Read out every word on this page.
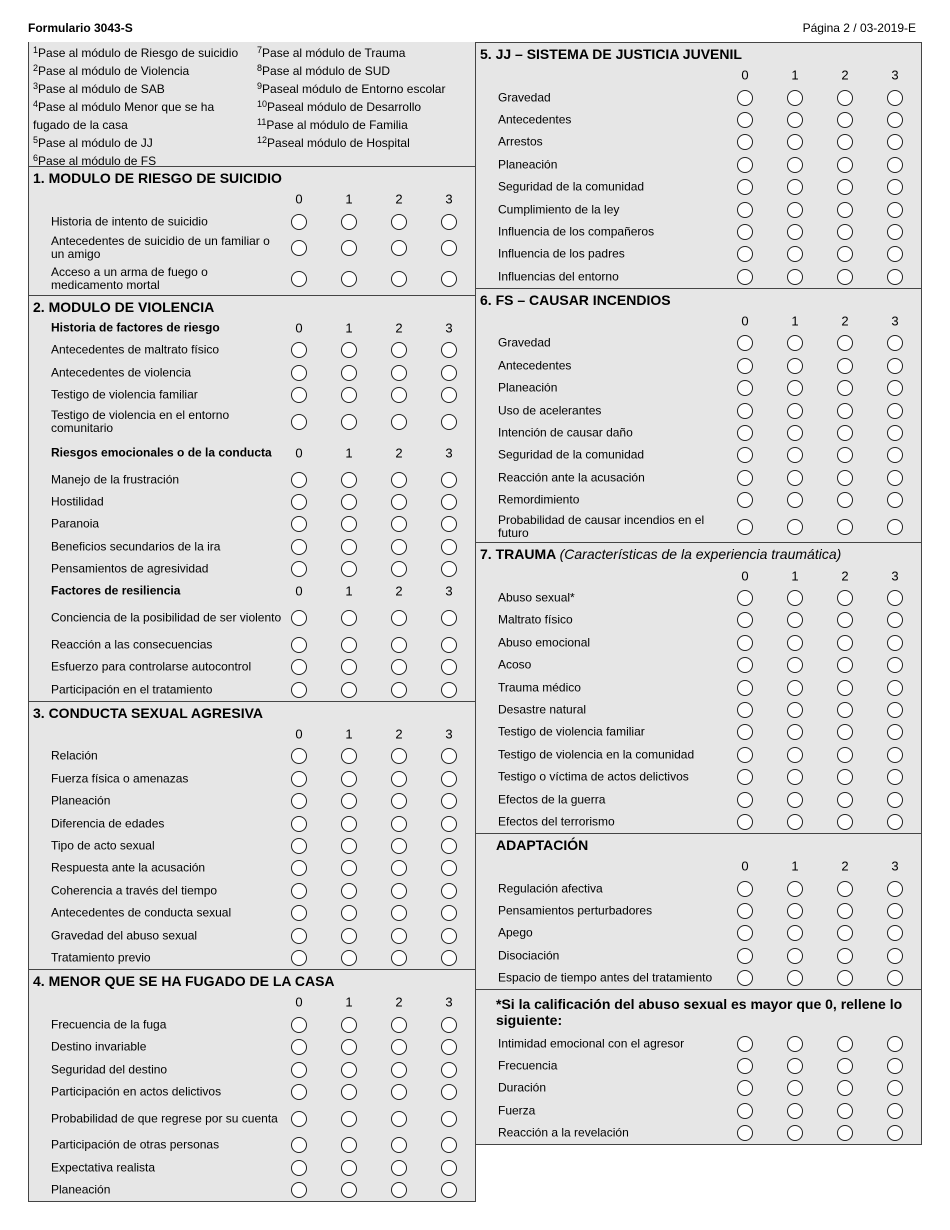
Formulario 3043-S	Página 2 / 03-2019-E
$^1$Pase al módulo de Riesgo de suicidio
$^2$Pase al módulo de Violencia
$^3$Pase al módulo de SAB
$^4$Pase al módulo Menor que se ha
fugado de la casa
$^5$Pase al módulo de JJ
$^6$Pase al módulo de FS
$^7$Pase al módulo de Trauma
$^8$Pase al módulo de SUD
$^9$Paseal módulo de Entorno escolar
$^{10}$Paseal módulo de Desarrollo
$^{11}$Pase al módulo de Familia
$^{12}$Paseal módulo de Hospital
1. MODULO DE RIESGO DE SUICIDIO
0	1	2	3
Historia de intento de suicidio
Antecedentes de suicidio de un familiar o un amigo
Acceso a un arma de fuego o medicamento mortal
2. MODULO DE VIOLENCIA
Historia de factores de riesgo	0	1	2	3
Antecedentes de maltrato físico
Antecedentes de violencia
Testigo de violencia familiar
Testigo de violencia en el entorno comunitario
Riesgos emocionales o de la conducta	0	1	2	3
Manejo de la frustración
Hostilidad
Paranoia
Beneficios secundarios de la ira
Pensamientos de agresividad
Factores de resiliencia	0	1	2	3
Conciencia de la posibilidad de ser violento
Reacción a las consecuencias
Esfuerzo para controlarse autocontrol
Participación en el tratamiento
3. CONDUCTA SEXUAL AGRESIVA
0	1	2	3
Relación
Fuerza física o amenazas
Planeación
Diferencia de edades
Tipo de acto sexual
Respuesta ante la acusación
Coherencia a través del tiempo
Antecedentes de conducta sexual
Gravedad del abuso sexual
Tratamiento previo
4. MENOR QUE SE HA FUGADO DE LA CASA
0	1	2	3
Frecuencia de la fuga
Destino invariable
Seguridad del destino
Participación en actos delictivos
Probabilidad de que regrese por su cuenta
Participación de otras personas
Expectativa realista
Planeación
5. JJ – SISTEMA DE JUSTICIA JUVENIL
0	1	2	3
Gravedad
Antecedentes
Arrestos
Planeación
Seguridad de la comunidad
Cumplimiento de la ley
Influencia de los compañeros
Influencia de los padres
Influencias del entorno
6. FS – CAUSAR INCENDIOS
0	1	2	3
Gravedad
Antecedentes
Planeación
Uso de acelerantes
Intención de causar daño
Seguridad de la comunidad
Reacción ante la acusación
Remordimiento
Probabilidad de causar incendios en el futuro
7. TRAUMA (Características de la experiencia traumática)
0	1	2	3
Abuso sexual*
Maltrato físico
Abuso emocional
Acoso
Trauma médico
Desastre natural
Testigo de violencia familiar
Testigo de violencia en la comunidad
Testigo o víctima de actos delictivos
Efectos de la guerra
Efectos del terrorismo
ADAPTACIÓN
0	1	2	3
Regulación afectiva
Pensamientos perturbadores
Apego
Disociación
Espacio de tiempo antes del tratamiento
*Si la calificación del abuso sexual es mayor que 0, rellene lo siguiente:
Intimidad emocional con el agresor
Frecuencia
Duración
Fuerza
Reacción a la revelación
